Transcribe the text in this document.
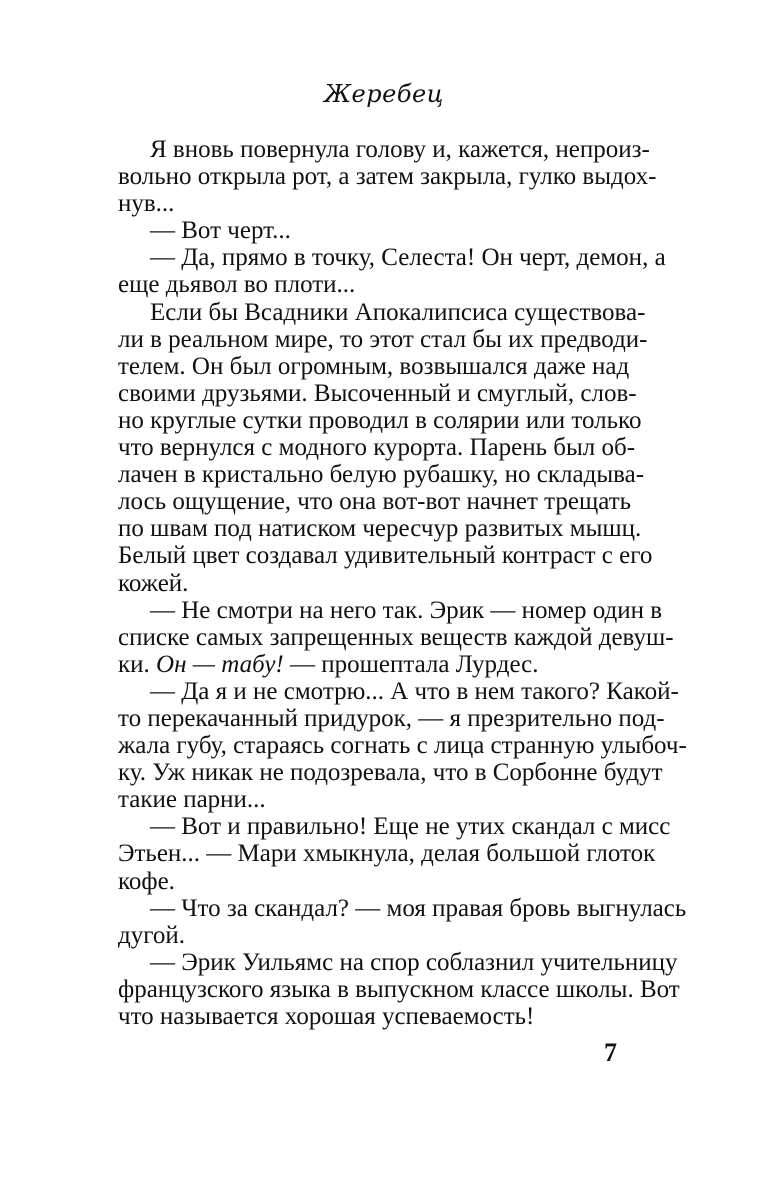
Жеребец
Я вновь повернула голову и, кажется, непроиз-
вольно открыла рот, а затем закрыла, гулко выдох-
нув...
— Вот черт...
— Да, прямо в точку, Селеста! Он черт, демон, а
еще дьявол во плоти...
Если бы Всадники Апокалипсиса существова-
ли в реальном мире, то этот стал бы их предводи-
телем. Он был огромным, возвышался даже над
своими друзьями. Высоченный и смуглый, слов-
но круглые сутки проводил в солярии или только
что вернулся с модного курорта. Парень был об-
лачен в кристально белую рубашку, но складыва-
лось ощущение, что она вот-вот начнет трещать
по швам под натиском чересчур развитых мышц.
Белый цвет создавал удивительный контраст с его
кожей.
— Не смотри на него так. Эрик — номер один в
списке самых запрещенных веществ каждой девуш-
ки. Он — табу! — прошептала Лурдес.
— Да я и не смотрю... А что в нем такого? Какой-
то перекачанный придурок, — я презрительно под-
жала губу, стараясь согнать с лица странную улыбоч-
ку. Уж никак не подозревала, что в Сорбонне будут
такие парни...
— Вот и правильно! Еще не утих скандал с мисс
Этьен... — Мари хмыкнула, делая большой глоток
кофе.
— Что за скандал? — моя правая бровь выгнулась
дугой.
— Эрик Уильямс на спор соблазнил учительницу
французского языка в выпускном классе школы. Вот
что называется хорошая успеваемость!
7
